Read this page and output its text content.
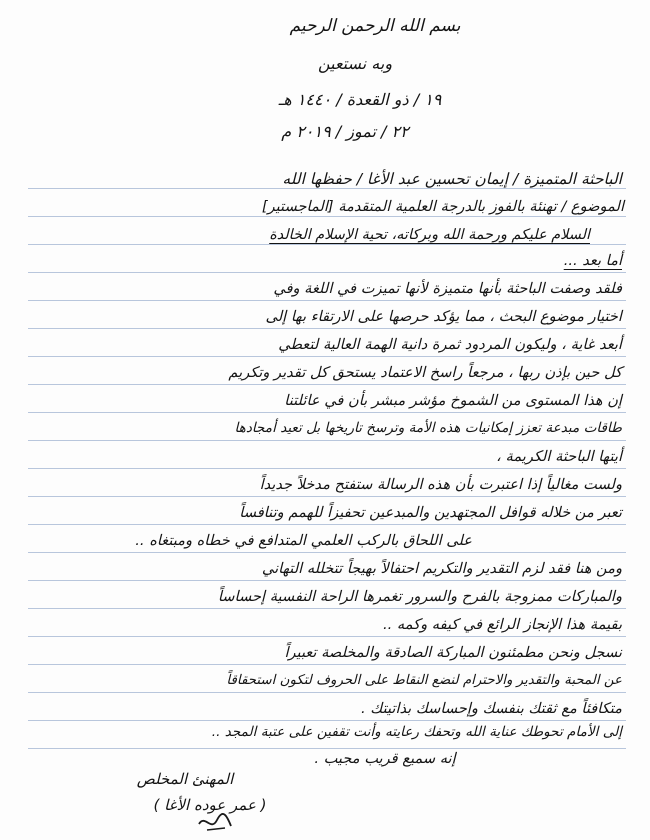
بسم الله الرحمن الرحيم
وبه نستعين
١٩ / ذو القعدة / ١٤٤٠ هـ
٢٢ / تموز / ٢٠١٩ م
الباحثة المتميزة / إيمان تحسين عبد الأغا / حفظها الله
الموضوع / تهنئة بالفوز بالدرجة العلمية المتقدمة [الماجستير]
السلام عليكم ورحمة الله وبركاته، تحية الإسلام الخالدة
أما بعد ...
فلقد وصفت الباحثة بأنها متميزة لأنها تميزت في اللغة وفي
اختيار موضوع البحث ، مما يؤكد حرصها على الارتقاء بها إلى
أبعد غاية ، وليكون المردود ثمرة دانية الهمة العالية لتعطي
كل حين بإذن ربها ، مرجعاً راسخ الاعتماد يستحق كل تقدير وتكريم
إن هذا المستوى من الشموخ مؤشر مبشر بأن في عائلتنا
طاقات مبدعة تعزز إمكانيات هذه الأمة وترسخ تاريخها بل تعيد أمجادها
أيتها الباحثة الكريمة ،
ولست مغالياً إذا اعتبرت بأن هذه الرسالة ستفتح مدخلاً جديداً
تعبر من خلاله قوافل المجتهدين والمبدعين تحفيزاً للهمم وتنافساً
على اللحاق بالركب العلمي المتدافع في خطاه ومبتغاه ..
ومن هنا فقد لزم التقدير والتكريم احتفالاً بهيجاً تتخلله التهاني
والمباركات ممزوجة بالفرح والسرور تغمرها الراحة النفسية إحساساً
بقيمة هذا الإنجاز الرائع في كيفه وكمه ..
نسجل ونحن مطمئنون المباركة الصادقة والمخلصة تعبيراً
عن المحبة والتقدير والاحترام لنضع النقاط على الحروف لتكون استحقاقاً
متكافئاً مع ثقتك بنفسك وإحساسك بذاتيتك .
إلى الأمام تحوطك عناية الله وتحفك رعايته وأنت تقفين على عتبة المجد ..
إنه سميع قريب مجيب .
المهنئ المخلص
( عمر عوده الأغا )
